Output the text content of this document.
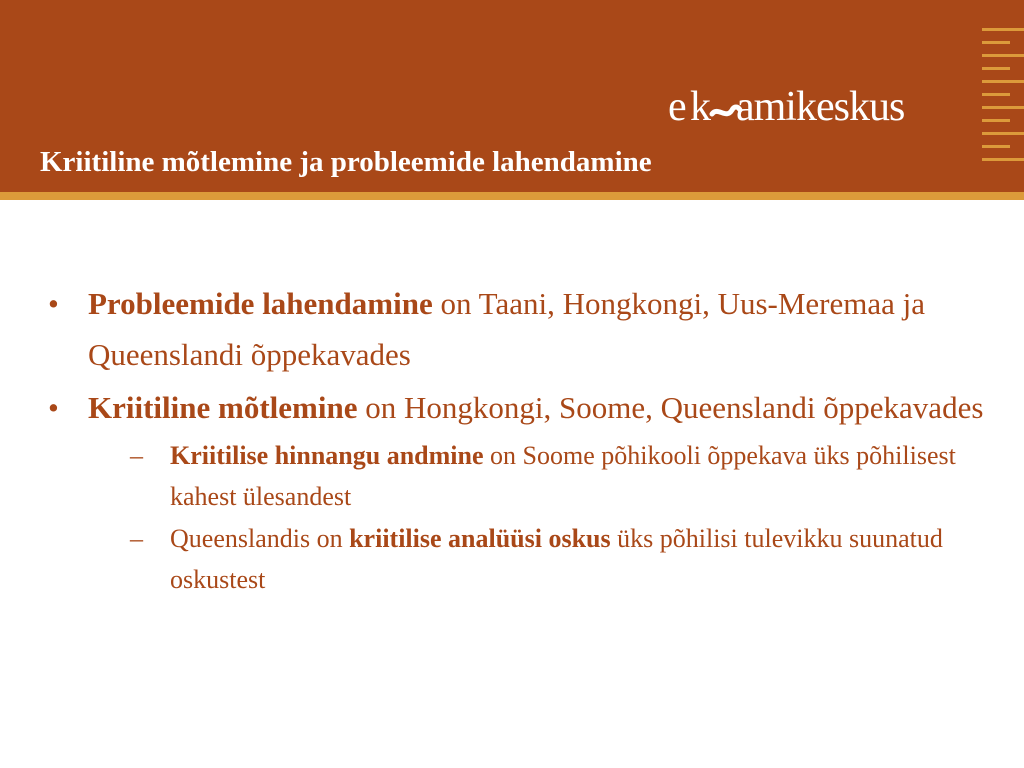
e k amikeskus
Kriitiline mõtlemine ja probleemide lahendamine
• Probleemide lahendamine on Taani, Hongkongi, Uus-Meremaa ja Queenslandi õppekavades
• Kriitiline mõtlemine on Hongkongi, Soome, Queenslandi õppekavades
– Kriitilise hinnangu andmine on Soome põhikooli õppekava üks põhilisest kahest ülesandest
– Queenslandis on kriitilise analüüsi oskus üks põhilisi tulevikku suunatud oskustest
